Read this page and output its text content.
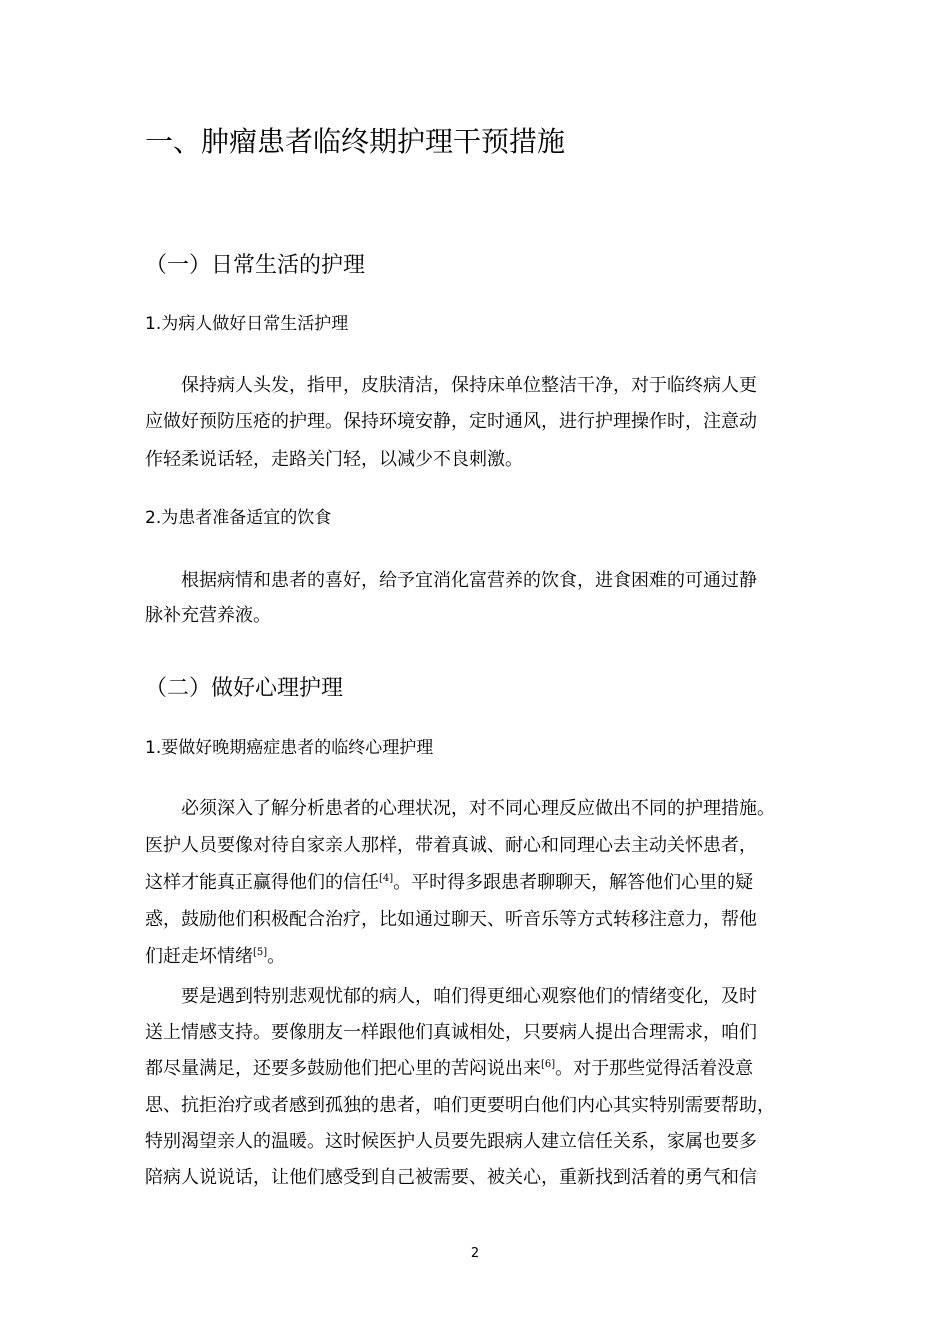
一、肿瘤患者临终期护理干预措施
（一）日常生活的护理
1.为病人做好日常生活护理
保持病人头发，指甲，皮肤清洁，保持床单位整洁干净，对于临终病人更
应做好预防压疮的护理。保持环境安静，定时通风，进行护理操作时，注意动
作轻柔说话轻，走路关门轻，以减少不良刺激。
2.为患者准备适宜的饮食
根据病情和患者的喜好，给予宜消化富营养的饮食，进食困难的可通过静
脉补充营养液。
（二）做好心理护理
1.要做好晚期癌症患者的临终心理护理
必须深入了解分析患者的心理状况，对不同心理反应做出不同的护理措施。
医护人员要像对待自家亲人那样，带着真诚、耐心和同理心去主动关怀患者，
这样才能真正赢得他们的信任[4]。平时得多跟患者聊聊天，解答他们心里的疑
惑，鼓励他们积极配合治疗，比如通过聊天、听音乐等方式转移注意力，帮他
们赶走坏情绪[5]。
要是遇到特别悲观忧郁的病人，咱们得更细心观察他们的情绪变化，及时
送上情感支持。要像朋友一样跟他们真诚相处，只要病人提出合理需求，咱们
都尽量满足，还要多鼓励他们把心里的苦闷说出来[6]。对于那些觉得活着没意
思、抗拒治疗或者感到孤独的患者，咱们更要明白他们内心其实特别需要帮助，
特别渴望亲人的温暖。这时候医护人员要先跟病人建立信任关系，家属也要多
陪病人说说话，让他们感受到自己被需要、被关心，重新找到活着的勇气和信
2
